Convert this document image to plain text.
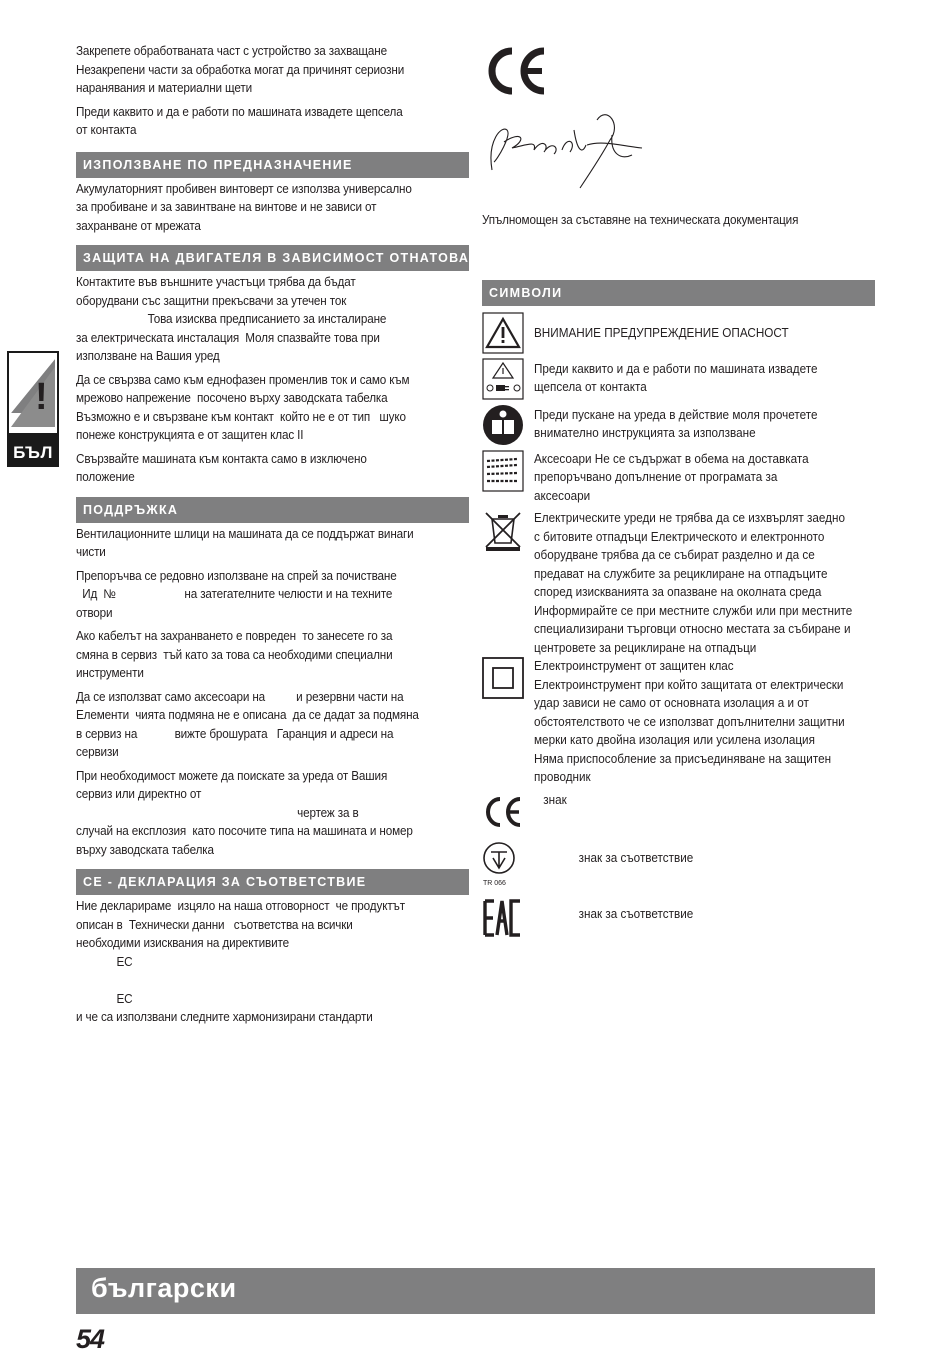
!
БЪЛ
Закрепете обработваната част с устройство за захващане
Незакрепени части за обработка могат да причинят сериозни
наранявания и материални щети
Преди каквито и да е работи по машината извадете щепсела
от контакта
ИЗПОЛЗВАНЕ ПО ПРЕДНАЗНАЧЕНИЕ
Акумулаторният пробивен винтоверт се използва универсално
за пробиване и за завинтване на винтове и не зависи от
захранване от мрежата
ЗАЩИТА НА ДВИГАТЕЛЯ В ЗАВИСИМОСТ ОТНАТОВАРВАНЕТО
Контактите във външните участъци трябва да бъдат
оборудвани със защитни прекъсвачи за утечен ток
Това изисква предписанието за инсталиране
за електрическата инсталация  Моля спазвайте това при
използване на Вашия уред
Да се свързва само към еднофазен променлив ток и само към
мрежово напрежение  посочено върху заводската табелка
Възможно е и свързване към контакт  който не е от тип   шуко
понеже конструкцията е от защитен клас II
Свързвайте машината към контакта само в изключено
положение
ПОДДРЪЖКА
Вентилационните шлици на машината да се поддържат винаги
чисти
Препоръчва се редовно използване на спрей за почистване
Ид  №                      на затегателните челюсти и на техните
отвори
Ако кабелът на захранването е повреден  то занесете го за
смяна в сервиз  тъй като за това са необходими специални
инструменти
Да се използват само аксесоари на          и резервни части на
Елементи  чията подмяна не е описана  да се дадат за подмяна
в сервиз на            вижте брошурата   Гаранция и адреси на
сервизи
При необходимост можете да поискате за уреда от Вашия
сервиз или директно от
чертеж за в
случай на експлозия  като посочите типа на машината и номер
върху заводската табелка
CE - ДЕКЛАРАЦИЯ ЗА СЪОТВЕТСТВИЕ
Ние декларираме  изцяло на наша отговорност  че продуктът
описан в  Технически данни   съответства на всички
необходими изисквания на директивите
ЕС

ЕС
и че са използвани следните хармонизирани стандарти
Упълномощен за съставяне на техническата документация
СИМВОЛИ
ВНИМАНИЕ ПРЕДУПРЕЖДЕНИЕ ОПАСНОСТ
Преди каквито и да е работи по машината извадете
щепсела от контакта
Преди пускане на уреда в действие моля прочетете
внимателно инструкцията за използване
Аксесоари Не се съдържат в обема на доставката
препоръчвано допълнение от програмата за
аксесоари
Електрическите уреди не трябва да се изхвърлят заедно
с битовите отпадъци Електрическото и електронното
оборудване трябва да се събират разделно и да се
предават на службите за рециклиране на отпадъците
според изискванията за опазване на околната среда
Информирайте се при местните служби или при местните
специализирани търговци относно местата за събиране и
центровете за рециклиране на отпадъци
Електроинструмент от защитен клас
Електроинструмент при който защитата от електрически
удар зависи не само от основната изолация а и от
обстоятелството че се използват допълнителни защитни
мерки като двойна изолация или усилена изолация
Няма приспособление за присъединяване на защитен
проводник
знак
TR 066
знак за съответствие
знак за съответствие
български
54
